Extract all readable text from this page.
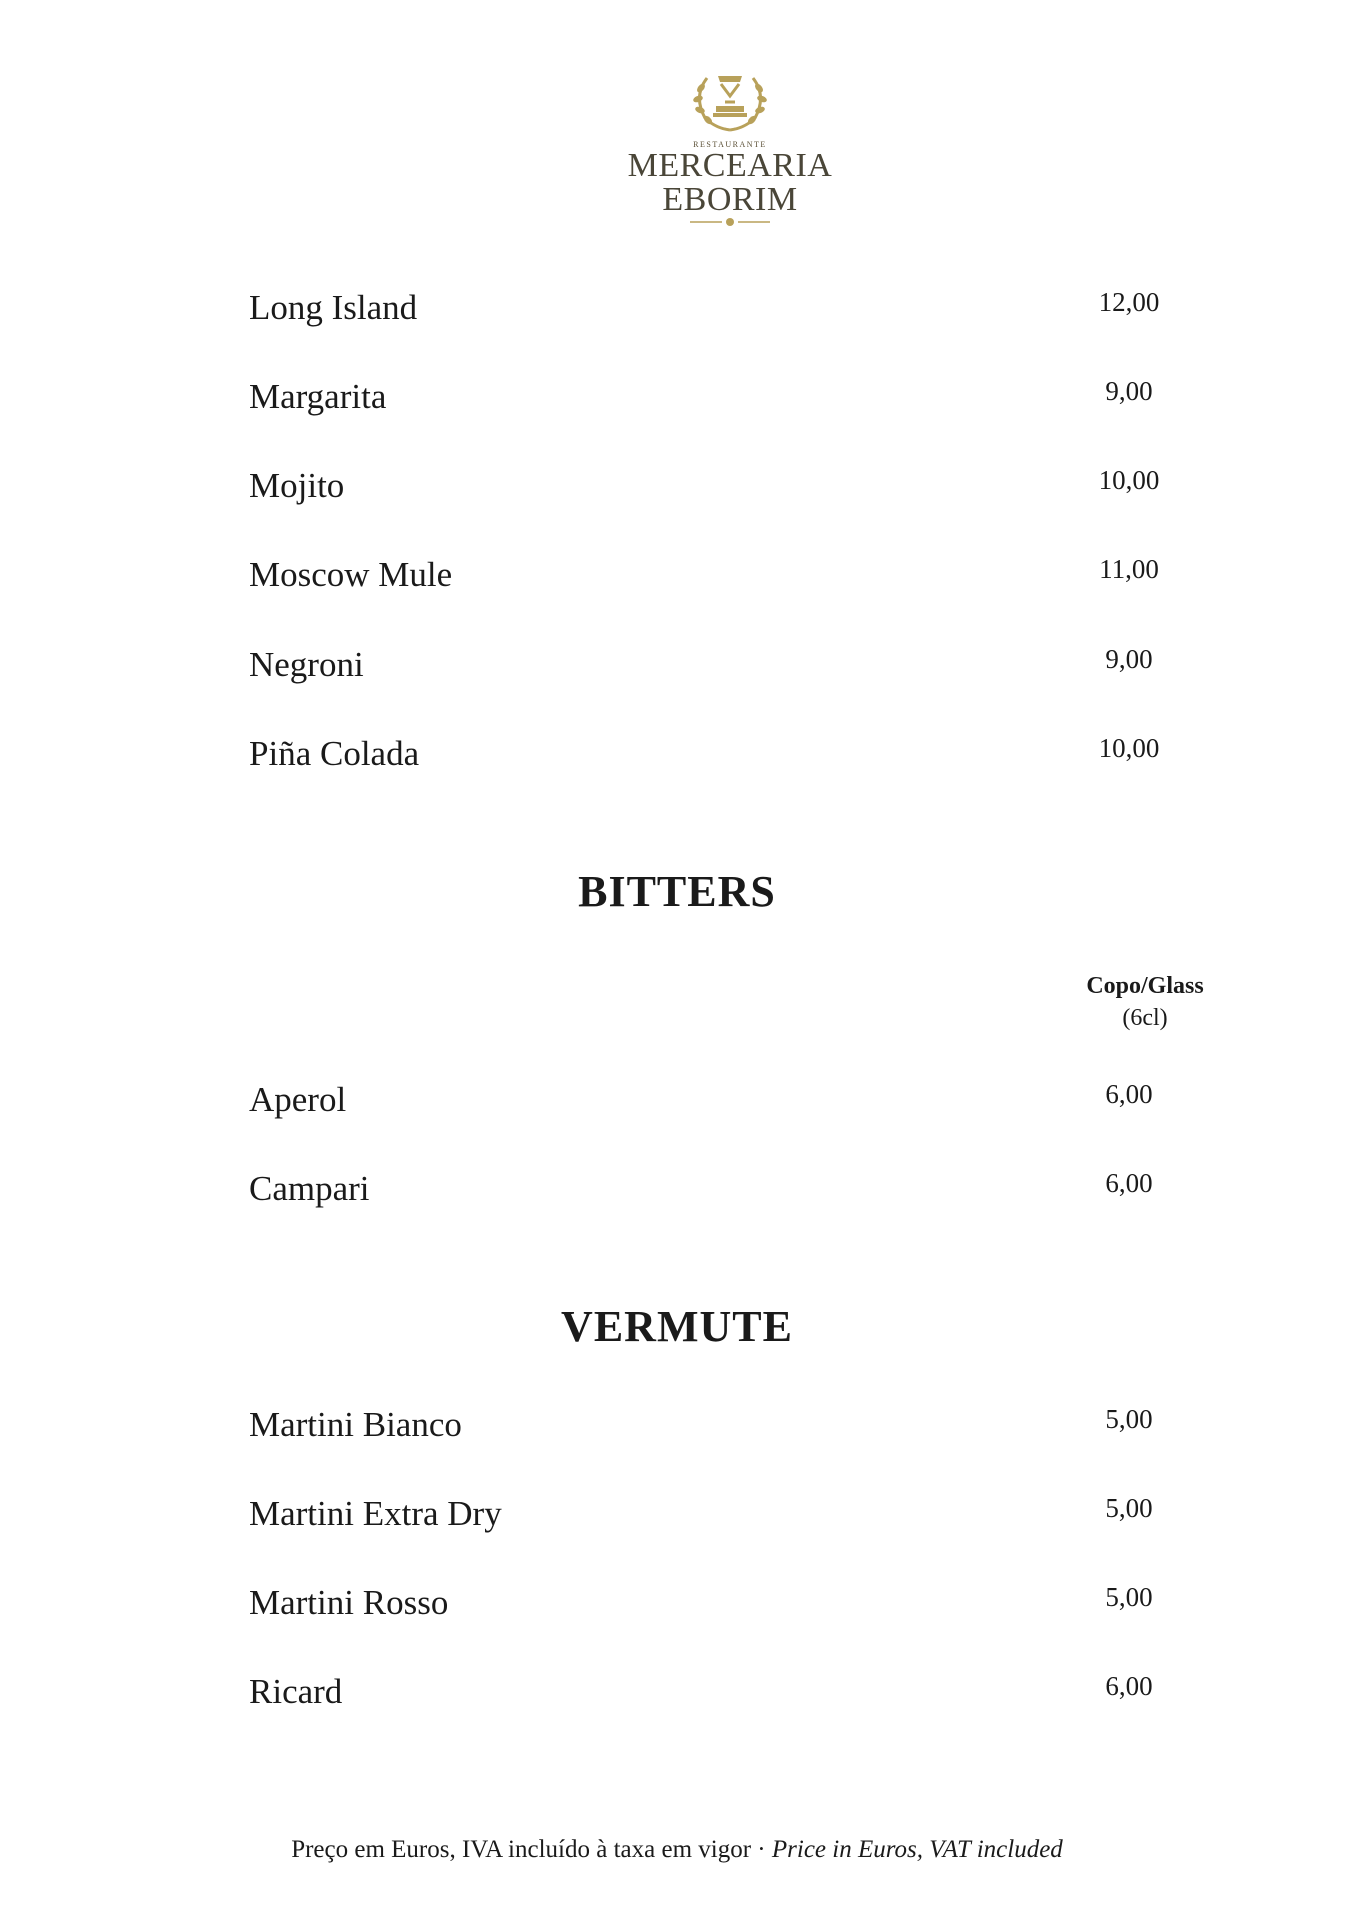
RESTAURANTE
MERCEARIA
EBORIM
Long Island	12,00
Margarita	9,00
Mojito	10,00
Moscow Mule	11,00
Negroni	9,00
Piña Colada	10,00
BITTERS
Copo/Glass
(6cl)
Aperol	6,00
Campari	6,00
VERMUTE
Martini Bianco	5,00
Martini Extra Dry	5,00
Martini Rosso	5,00
Ricard	6,00
Preço em Euros, IVA incluído à taxa em vigor · Price in Euros, VAT included
